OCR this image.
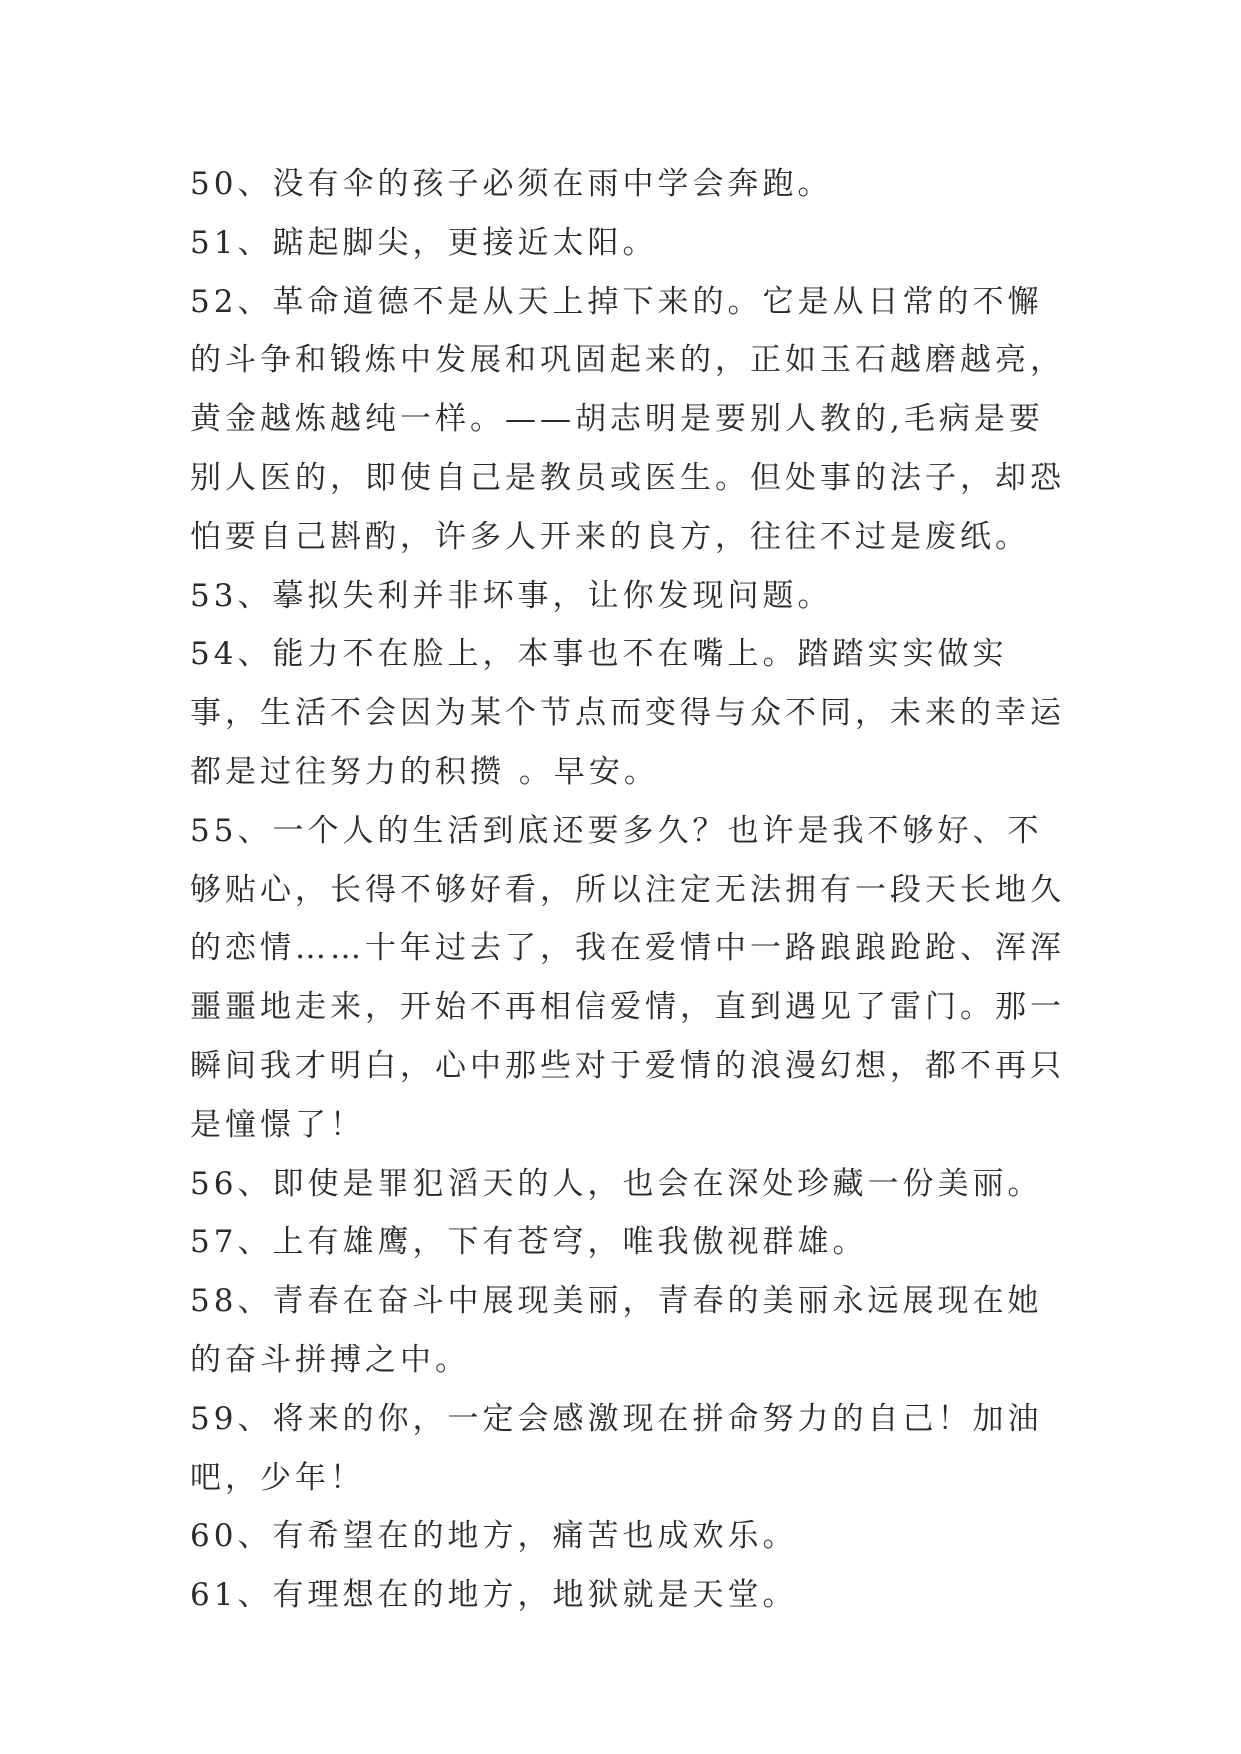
50、没有伞的孩子必须在雨中学会奔跑。

51、踮起脚尖，更接近太阳。

52、革命道德不是从天上掉下来的。它是从日常的不懈的斗争和锻炼中发展和巩固起来的，正如玉石越磨越亮，黄金越炼越纯一样。——胡志明是要别人教的,毛病是要别人医的，即使自己是教员或医生。但处事的法子，却恐怕要自己斟酌，许多人开来的良方，往往不过是废纸。

53、摹拟失利并非坏事，让你发现问题。

54、能力不在脸上，本事也不在嘴上。踏踏实实做实事，生活不会因为某个节点而变得与众不同，未来的幸运都是过往努力的积攒 。早安。

55、一个人的生活到底还要多久？也许是我不够好、不够贴心，长得不够好看，所以注定无法拥有一段天长地久的恋情……十年过去了，我在爱情中一路踉踉跄跄、浑浑噩噩地走来，开始不再相信爱情，直到遇见了雷门。那一瞬间我才明白，心中那些对于爱情的浪漫幻想，都不再只是憧憬了！

56、即使是罪犯滔天的人，也会在深处珍藏一份美丽。

57、上有雄鹰，下有苍穹，唯我傲视群雄。

58、青春在奋斗中展现美丽，青春的美丽永远展现在她的奋斗拼搏之中。

59、将来的你，一定会感激现在拼命努力的自己！加油吧，少年！

60、有希望在的地方，痛苦也成欢乐。

61、有理想在的地方，地狱就是天堂。
